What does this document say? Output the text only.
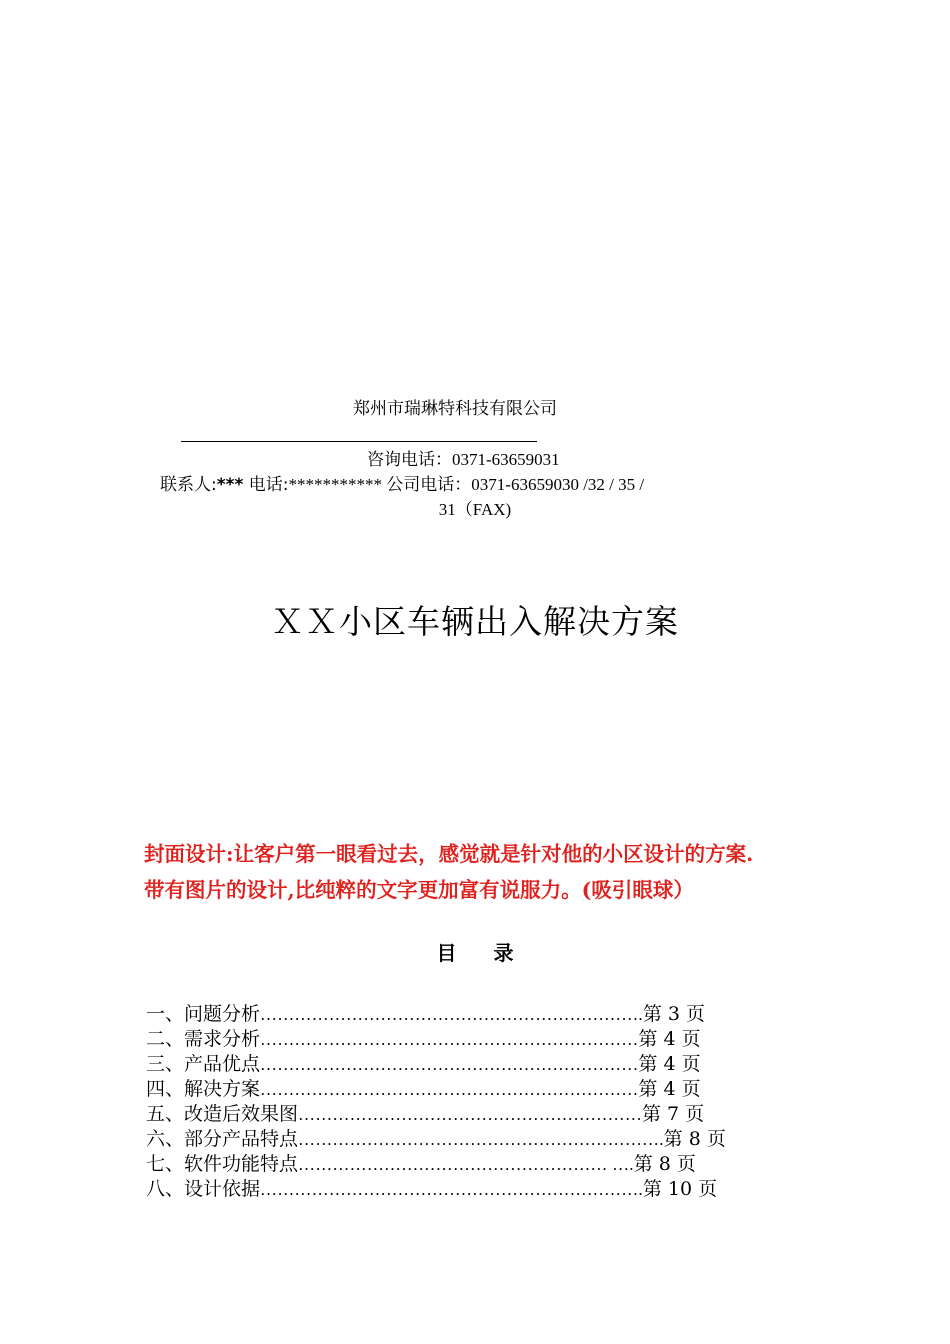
郑州市瑞琳特科技有限公司
咨询电话：0371-63659031
联系人:*** 电话:*********** 公司电话：0371-63659030 /32 / 35 /
31（FAX)
ＸＸ小区车辆出入解决方案
封面设计:让客户第一眼看过去，感觉就是针对他的小区设计的方案.
带有图片的设计,比纯粹的文字更加富有说服力。(吸引眼球）
目 录
一、问题分析 …………………………………………………………. 第 3 页
二、需求分析 ………………………………………………………… 第 4 页
三、产品优点 ………………………………………………………… 第 4 页
四、解决方案 ………………………………………………………… 第 4 页
五、改造后效果图 …………………………………………………… 第 7 页
六、部分产品特点 ………………………………………………………. 第 8 页
七、软件功能特点 ……………………………………………… …. 第 8 页
八、设计依据 …………………………………………………………. 第 10 页
